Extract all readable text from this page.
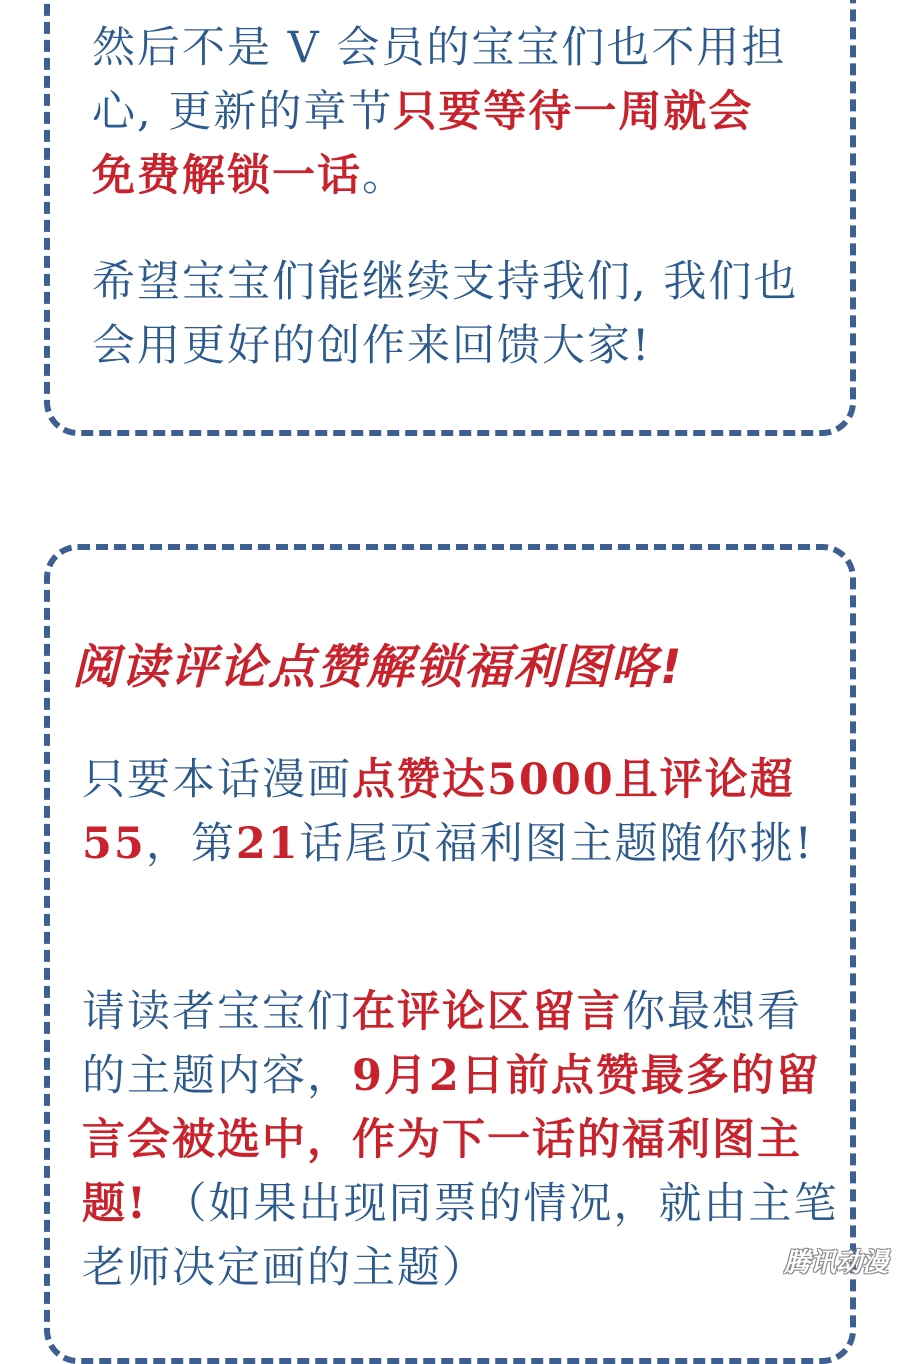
然后不是 V 会员的宝宝们也不用担心, 更新的章节只要等待一周就会免费解锁一话。

希望宝宝们能继续支持我们, 我们也会用更好的创作来回馈大家!

阅读评论点赞解锁福利图咯!

只要本话漫画点赞达5000且评论超55，第21话尾页福利图主题随你挑!

请读者宝宝们在评论区留言你最想看的主题内容，9月2日前点赞最多的留言会被选中，作为下一话的福利图主题! （如果出现同票的情况，就由主笔老师决定画的主题）	腾讯动漫
